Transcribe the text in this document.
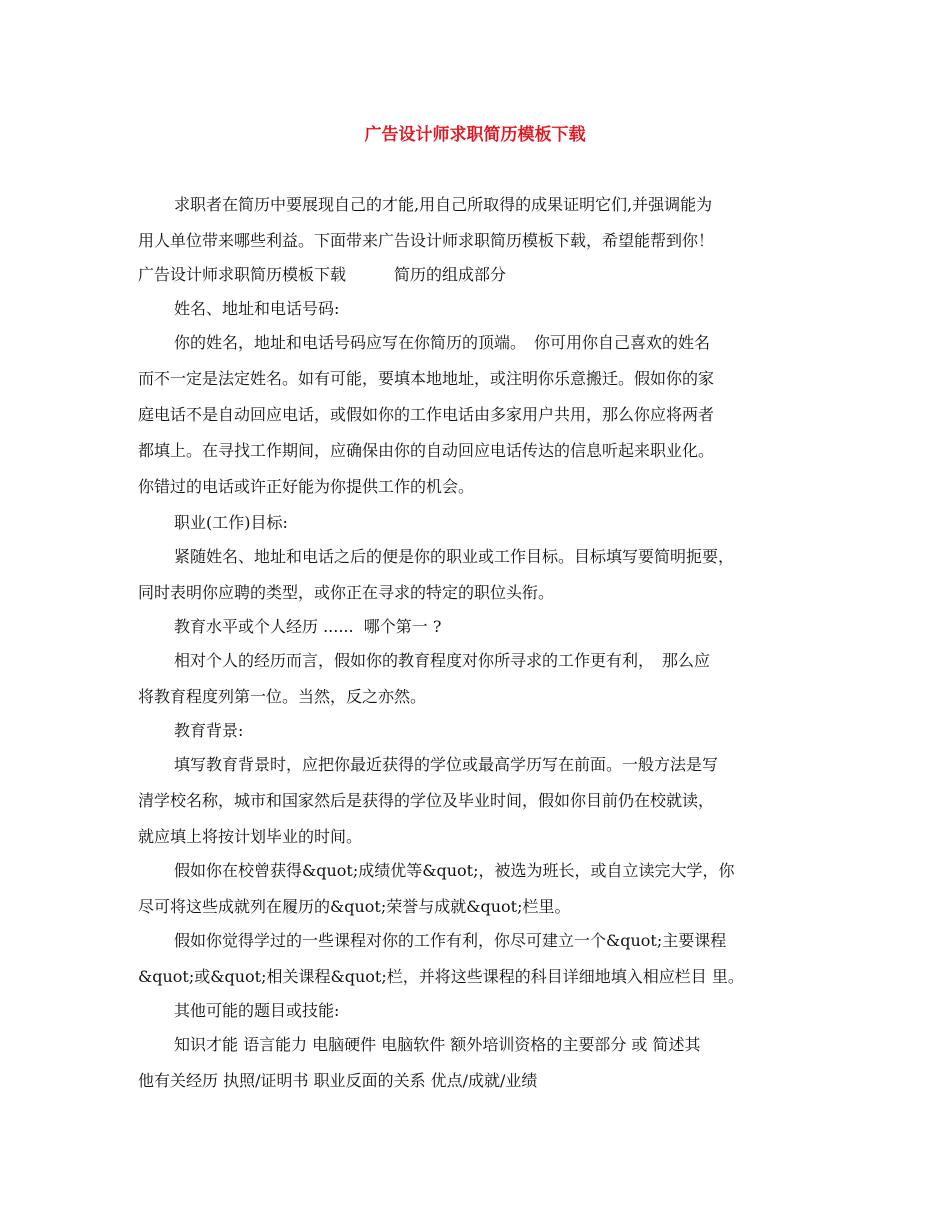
广告设计师求职简历模板下载

求职者在简历中要展现自己的才能,用自己所取得的成果证明它们,并强调能为

用人单位带来哪些利益。下面带来广告设计师求职简历模板下载，希望能帮到你！

广告设计师求职简历模板下载　　　简历的组成部分

姓名、地址和电话号码:

你的姓名，地址和电话号码应写在你简历的顶端。　你可用你自己喜欢的姓名

而不一定是法定姓名。如有可能，要填本地地址，或注明你乐意搬迁。假如你的家

庭电话不是自动回应电话，或假如你的工作电话由多家用户共用，那么你应将两者

都填上。在寻找工作期间，应确保由你的自动回应电话传达的信息听起来职业化。

你错过的电话或许正好能为你提供工作的机会。

职业(工作)目标:

紧随姓名、地址和电话之后的便是你的职业或工作目标。目标填写要简明扼要，

同时表明你应聘的类型，或你正在寻求的特定的职位头衔。

教育水平或个人经历 ......  哪个第一 ?

相对个人的经历而言，假如你的教育程度对你所寻求的工作更有利，　那么应

将教育程度列第一位。当然，反之亦然。

教育背景:

填写教育背景时，应把你最近获得的学位或最高学历写在前面。一般方法是写

清学校名称，城市和国家然后是获得的学位及毕业时间，假如你目前仍在校就读，

就应填上将按计划毕业的时间。

假如你在校曾获得&quot;成绩优等&quot;，被选为班长，或自立读完大学，你

尽可将这些成就列在履历的&quot;荣誉与成就&quot;栏里。

假如你觉得学过的一些课程对你的工作有利，你尽可建立一个&quot;主要课程

&quot;或&quot;相关课程&quot;栏，并将这些课程的科目详细地填入相应栏目 里。

其他可能的题目或技能:

知识才能 语言能力 电脑硬件 电脑软件 额外培训资格的主要部分 或 简述其

他有关经历 执照/证明书 职业反面的关系 优点/成就/业绩
